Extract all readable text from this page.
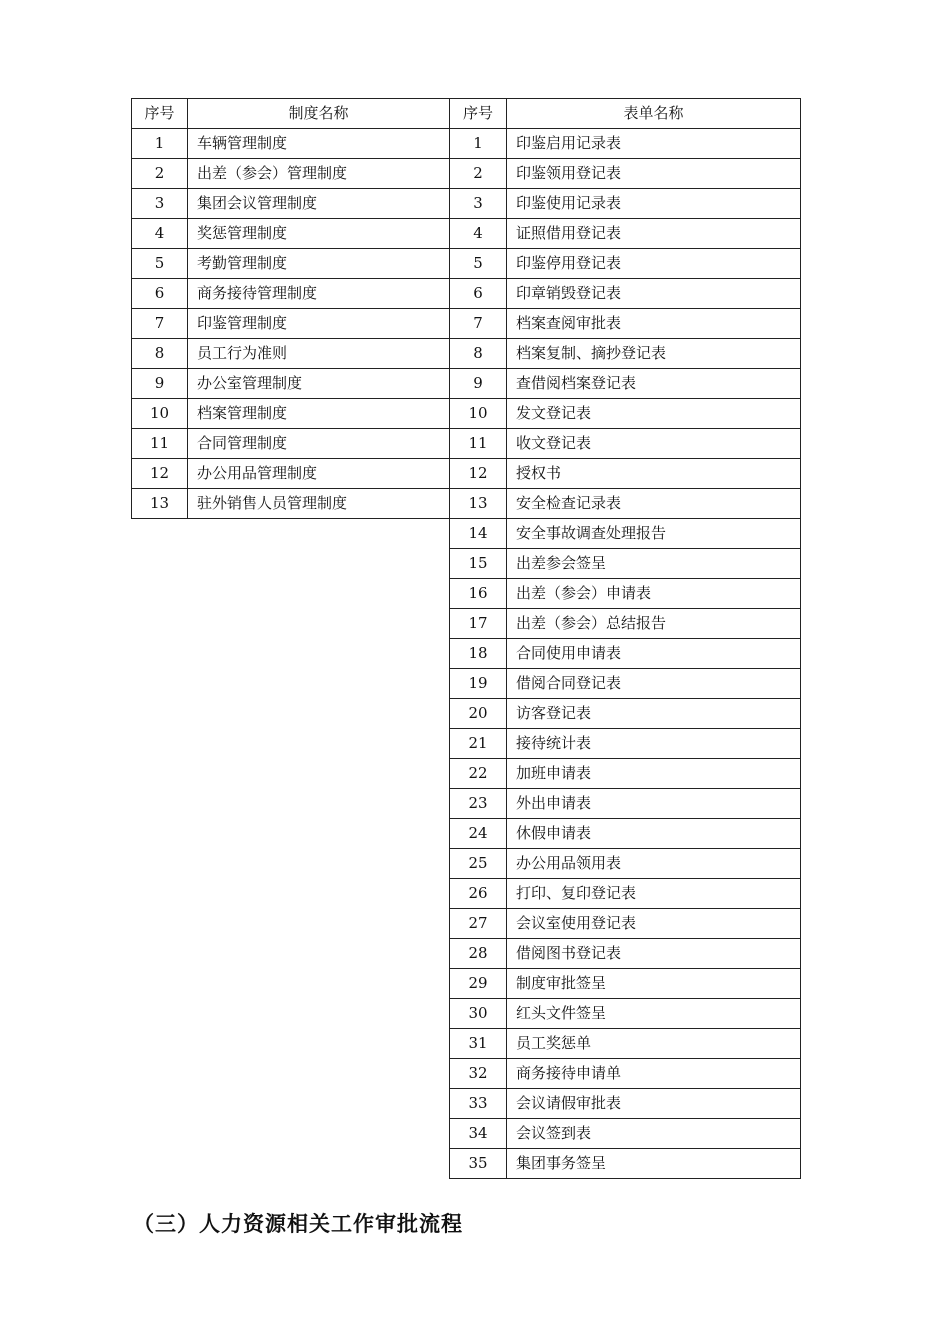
序号	制度名称	序号	表单名称
1	车辆管理制度	1	印鉴启用记录表
2	出差（参会）管理制度	2	印鉴领用登记表
3	集团会议管理制度	3	印鉴使用记录表
4	奖惩管理制度	4	证照借用登记表
5	考勤管理制度	5	印鉴停用登记表
6	商务接待管理制度	6	印章销毁登记表
7	印鉴管理制度	7	档案查阅审批表
8	员工行为准则	8	档案复制、摘抄登记表
9	办公室管理制度	9	查借阅档案登记表
10	档案管理制度	10	发文登记表
11	合同管理制度	11	收文登记表
12	办公用品管理制度	12	授权书
13	驻外销售人员管理制度	13	安全检查记录表
		14	安全事故调查处理报告
		15	出差参会签呈
		16	出差（参会）申请表
		17	出差（参会）总结报告
		18	合同使用申请表
		19	借阅合同登记表
		20	访客登记表
		21	接待统计表
		22	加班申请表
		23	外出申请表
		24	休假申请表
		25	办公用品领用表
		26	打印、复印登记表
		27	会议室使用登记表
		28	借阅图书登记表
		29	制度审批签呈
		30	红头文件签呈
		31	员工奖惩单
		32	商务接待申请单
		33	会议请假审批表
		34	会议签到表
		35	集团事务签呈
（三）人力资源相关工作审批流程
